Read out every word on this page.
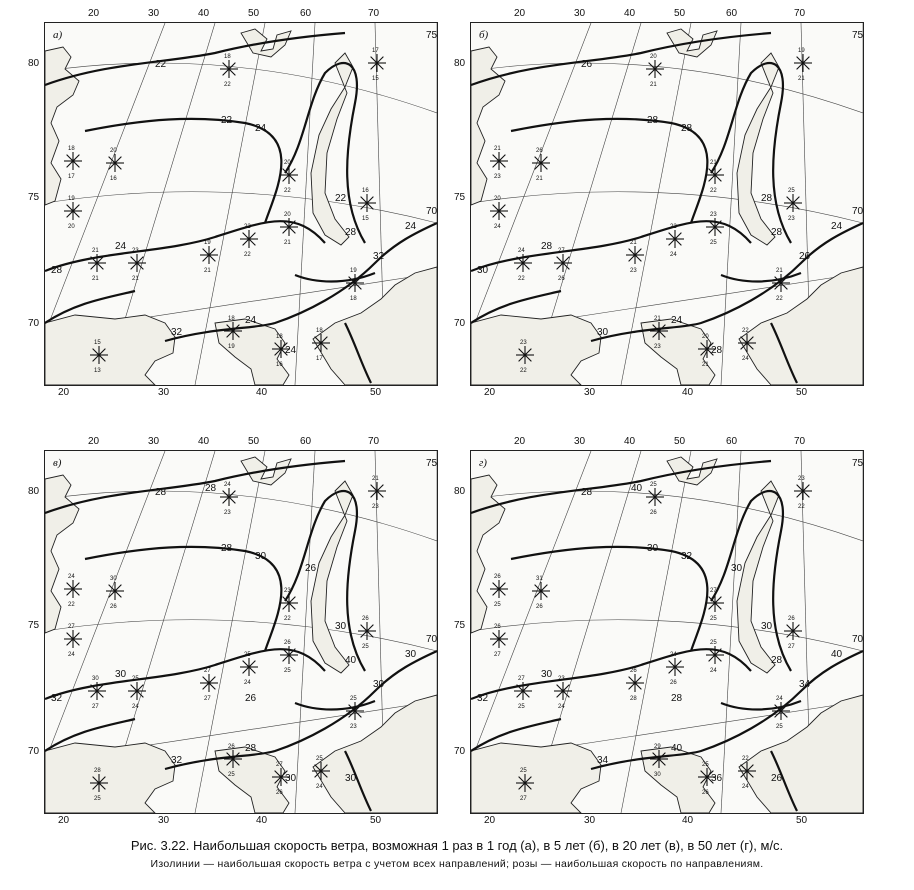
22
22
24
24
22
28
28
32
32
24
24
24
18
17
20
16
19
20
21
21
23
21
19
21
22
22
20
21
20
22
18
19
18
17
18
16
19
18
16
15
18
22
17
15
15
13
а)
26
28
28
28
28
28
30
30
26
28
24
24
21
23
26
21
20
24
24
22
27
26
21
23
22
24
23
25
21
22
21
23
22
24
20
21
21
22
25
23
20
21
19
21
23
22
б)
28
28
30
30
30
40
32
32
30
30
28
30
28
26
26
30
24
22
30
26
27
24
30
27
25
24
27
27
25
24
26
25
23
22
26
25
25
24
27
26
25
23
26
25
24
23
21
23
28
25
в)
28
30
32
30
30
28
32
34
34
36
40
40
40
30
28
26
26
25
31
26
26
27
27
25
23
24
26
28
24
26
25
24
27
25
29
30
22
24
25
26
24
25
26
27
25
26
23
22
25
27
г)
Рис. 3.22. Наибольшая скорость ветра, возможная 1 раз в 1 год (а), в 5 лет (б), в 20 лет (в), в 50 лет (г), м/с.
Изолинии — наибольшая скорость ветра с учетом всех направлений; розы — наибольшая скорость по направлениям.
20	30	40	50	60	70
20	30	40	50
80
75
70
75
70
20	30	40	50	60	70
20	30	40	50
80
75
70
75
70
20	30	40	50	60	70
20	30	40	50
80
75
70
75
70
20	30	40	50	60	70
20	30	40	50
80
75
70
75
70
